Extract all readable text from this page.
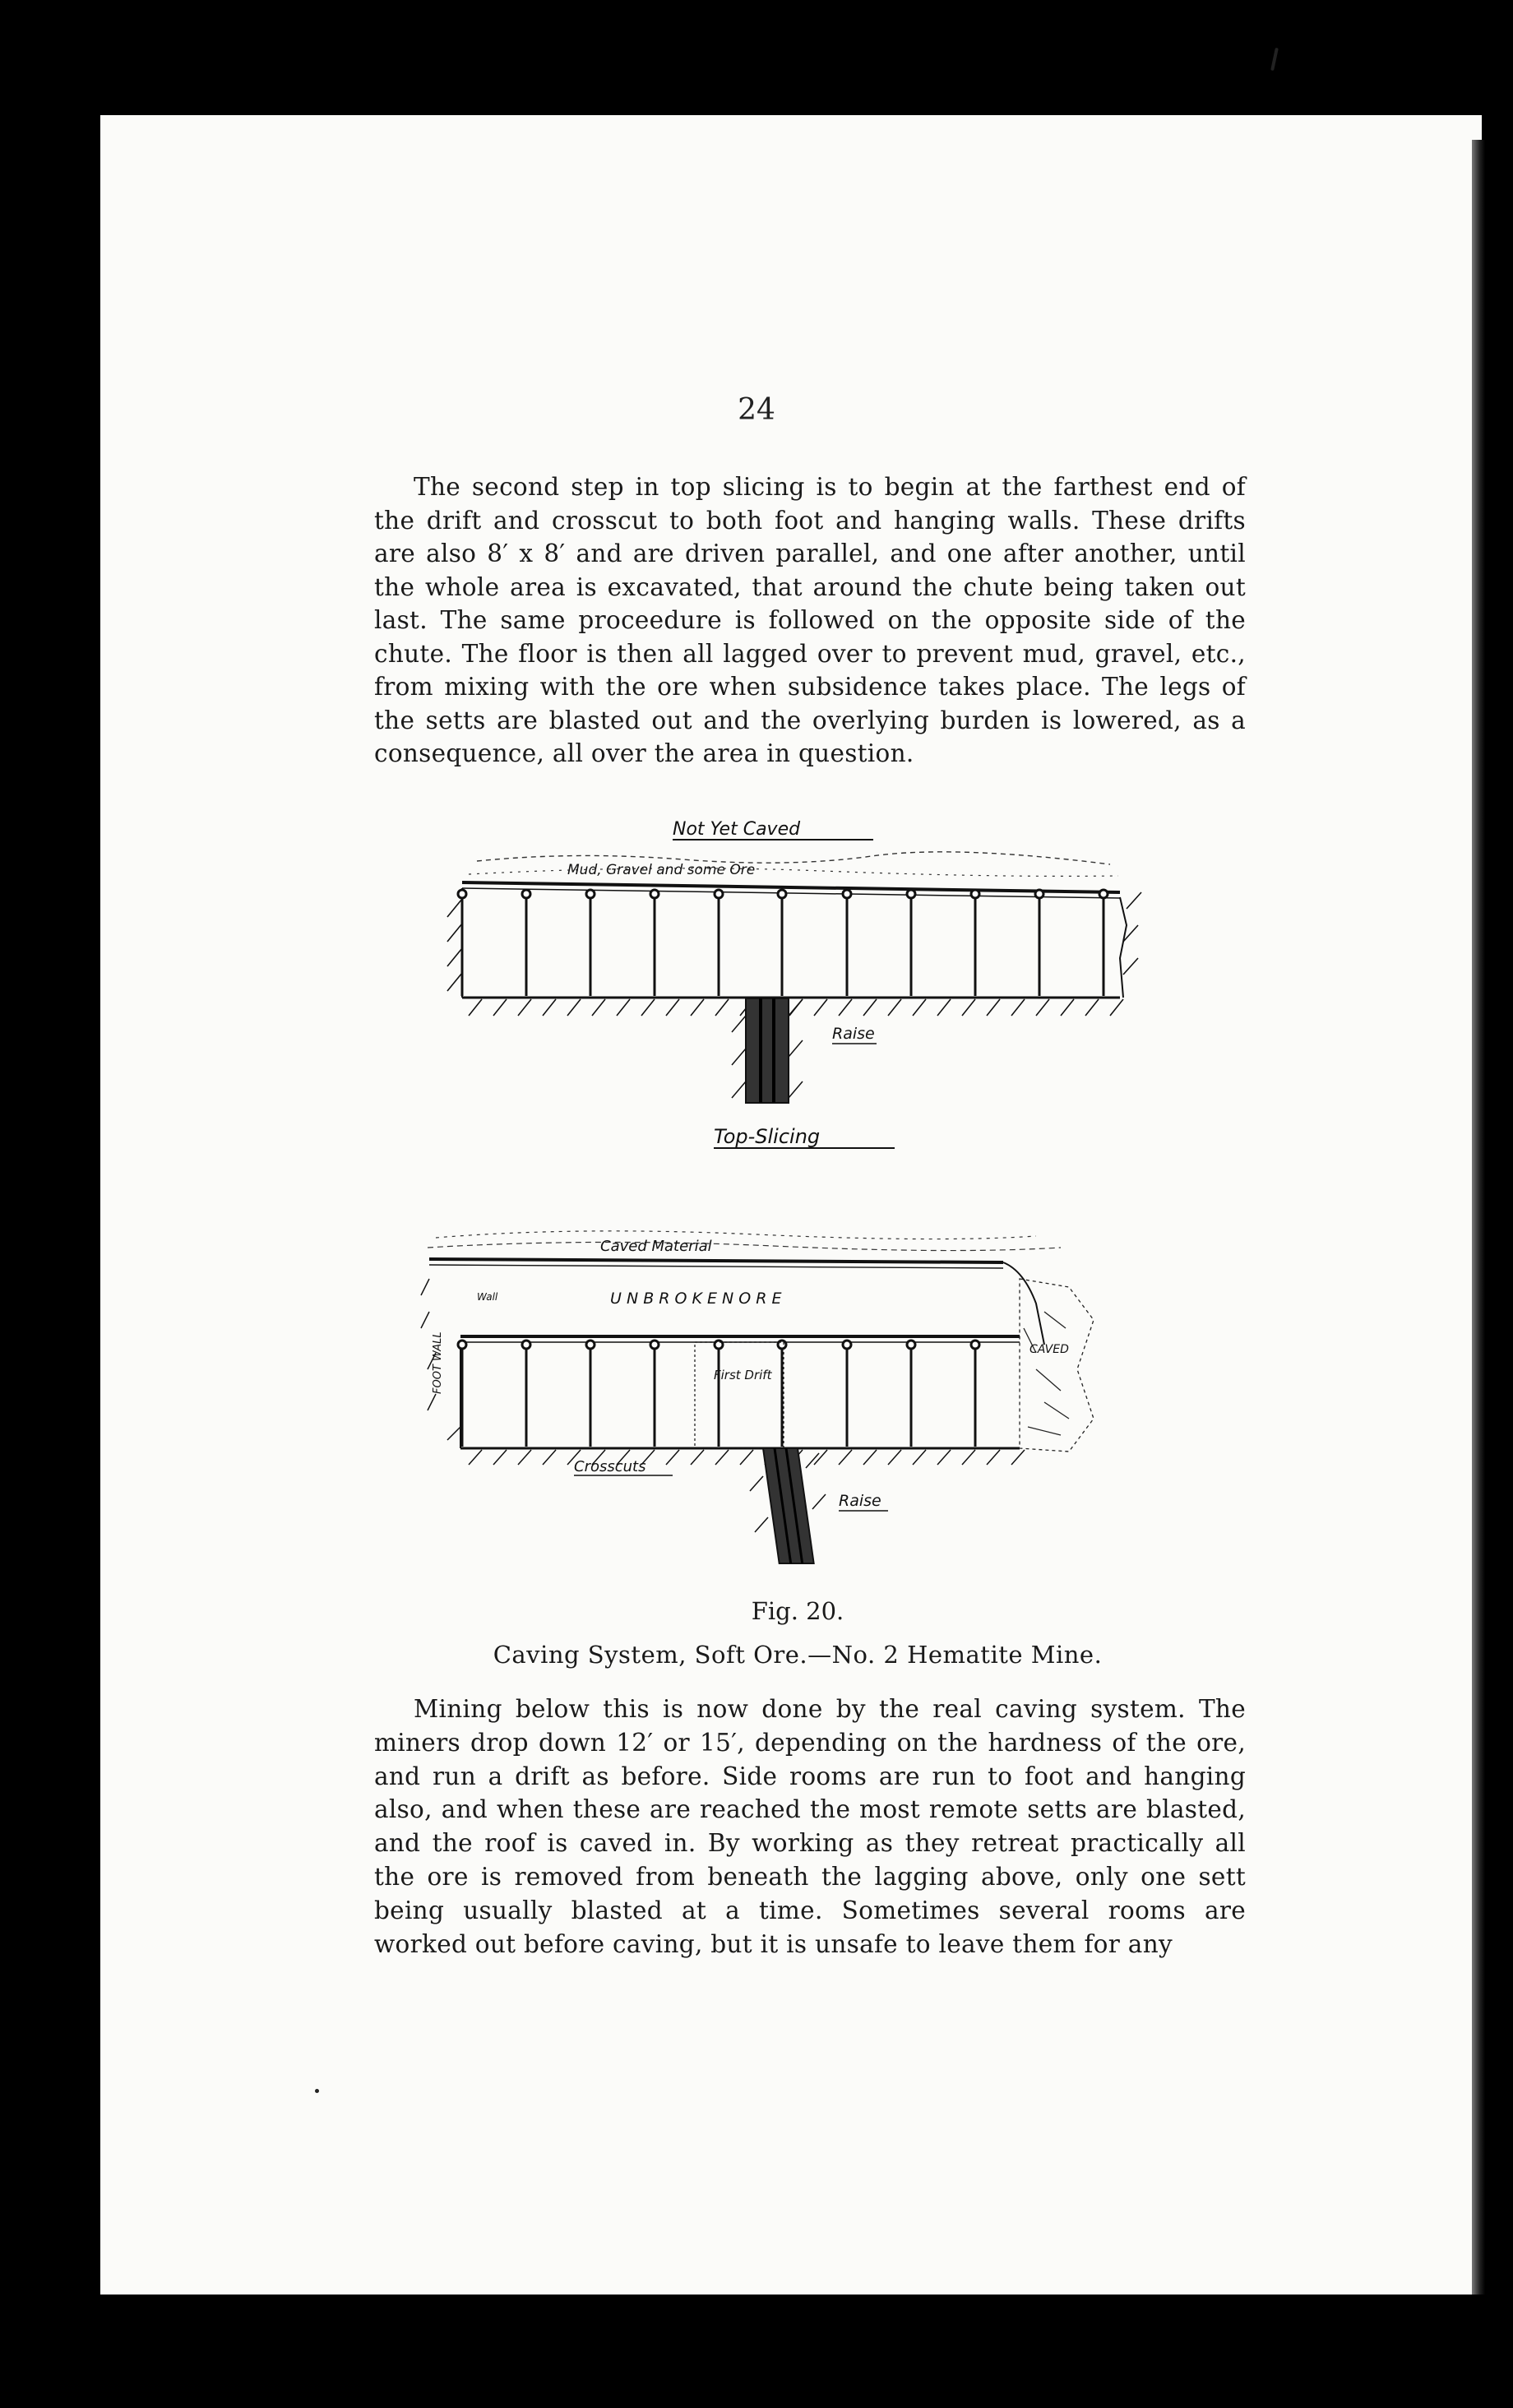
24

The second step in top slicing is to begin at the farthest end of the drift and crosscut to both foot and hanging walls. These drifts are also 8′ x 8′ and are driven parallel, and one after another, until the whole area is excavated, that around the chute being taken out last. The same proceedure is followed on the opposite side of the chute. The floor is then all lagged over to prevent mud, gravel, etc., from mixing with the ore when subsidence takes place. The legs of the setts are blasted out and the overlying burden is lowered, as a consequence, all over the area in question.

Not Yet Caved
Mud, Gravel and some Ore
Raise
Top-Slicing
Caved Material
U N B R O K E N O R E
Wall
FOOT WALL	First Drift
CAVED
Crosscuts
Raise
Fig. 20.
Caving System, Soft Ore.—No. 2 Hematite Mine.

Mining below this is now done by the real caving system. The miners drop down 12′ or 15′, depending on the hardness of the ore, and run a drift as before. Side rooms are run to foot and hanging also, and when these are reached the most remote setts are blasted, and the roof is caved in. By working as they retreat practically all the ore is removed from beneath the lagging above, only one sett being usually blasted at a time. Sometimes several rooms are worked out before caving, but it is unsafe to leave them for any
